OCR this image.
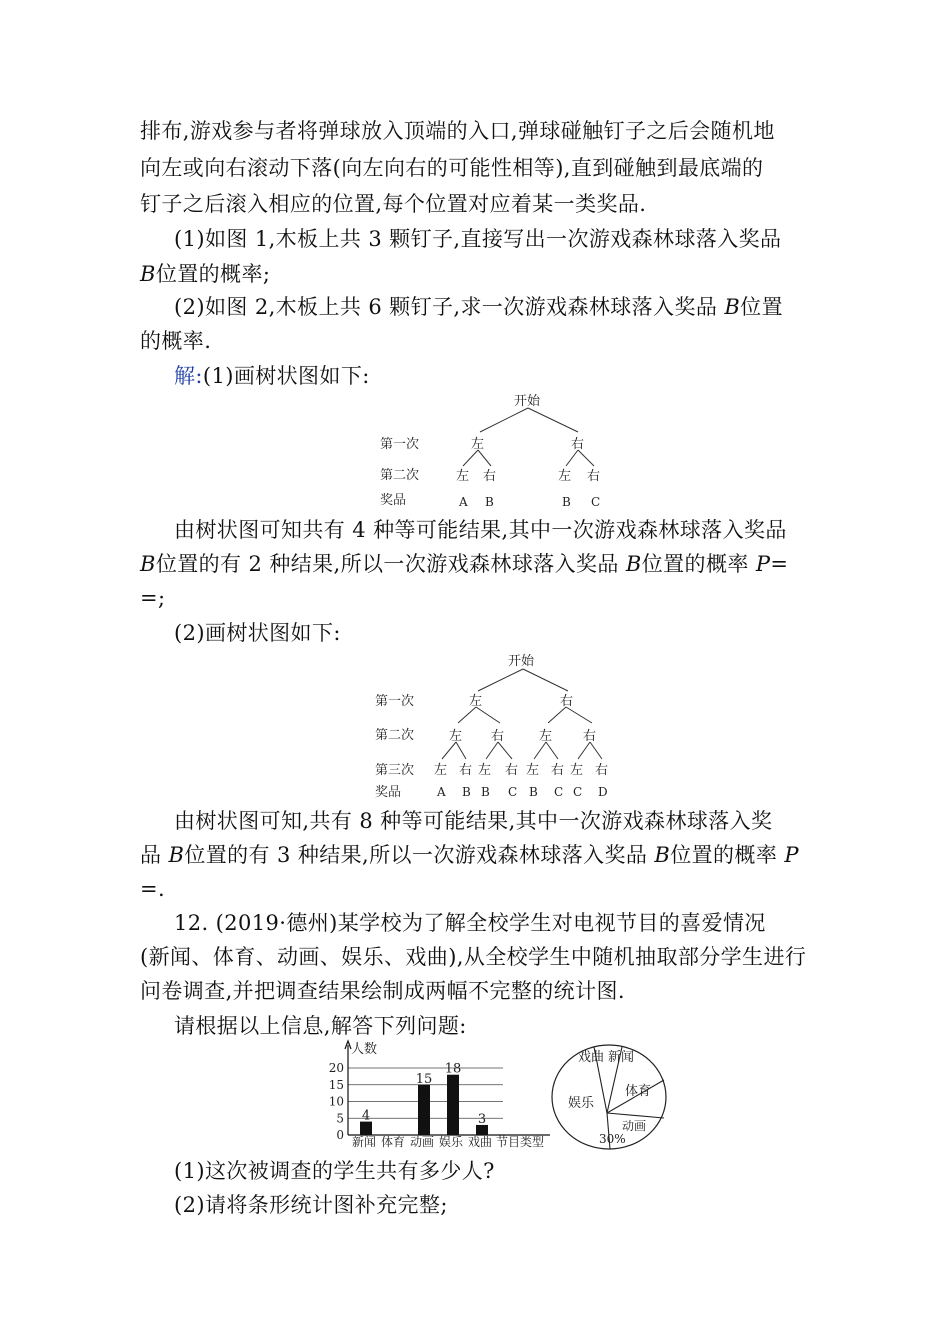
排布,游戏参与者将弹球放入顶端的入口,弹球碰触钉子之后会随机地
向左或向右滚动下落(向左向右的可能性相等),直到碰触到最底端的
钉子之后滚入相应的位置,每个位置对应着某一类奖品.
(1)如图 1,木板上共 3 颗钉子,直接写出一次游戏森林球落入奖品
B位置的概率;
(2)如图 2,木板上共 6 颗钉子,求一次游戏森林球落入奖品 B位置
的概率.
解:(1)画树状图如下:
开始
第一次
第二次
奖品
左	右
左 右	左 右
A B	B C
由树状图可知共有 4 种等可能结果,其中一次游戏森林球落入奖品
B位置的有 2 种结果,所以一次游戏森林球落入奖品 B位置的概率 P=
=;
(2)画树状图如下:
开始
第一次
第二次
第三次
奖品
左	右
左 右	左 右
左 右 左 右 左 右 左 右
A B B C B C C D
由树状图可知,共有 8 种等可能结果,其中一次游戏森林球落入奖
品 B位置的有 3 种结果,所以一次游戏森林球落入奖品 B位置的概率 P
=.
12. (2019·德州)某学校为了解全校学生对电视节目的喜爱情况
(新闻、体育、动画、娱乐、戏曲),从全校学生中随机抽取部分学生进行
问卷调查,并把调查结果绘制成两幅不完整的统计图.
请根据以上信息,解答下列问题:
人数
节目类型
0
5
10
15
20
4
15
18
3
新闻 体育 动画 娱乐 戏曲
戏曲 新闻
体育
动画
30%
娱乐
(1)这次被调查的学生共有多少人?
(2)请将条形统计图补充完整;
